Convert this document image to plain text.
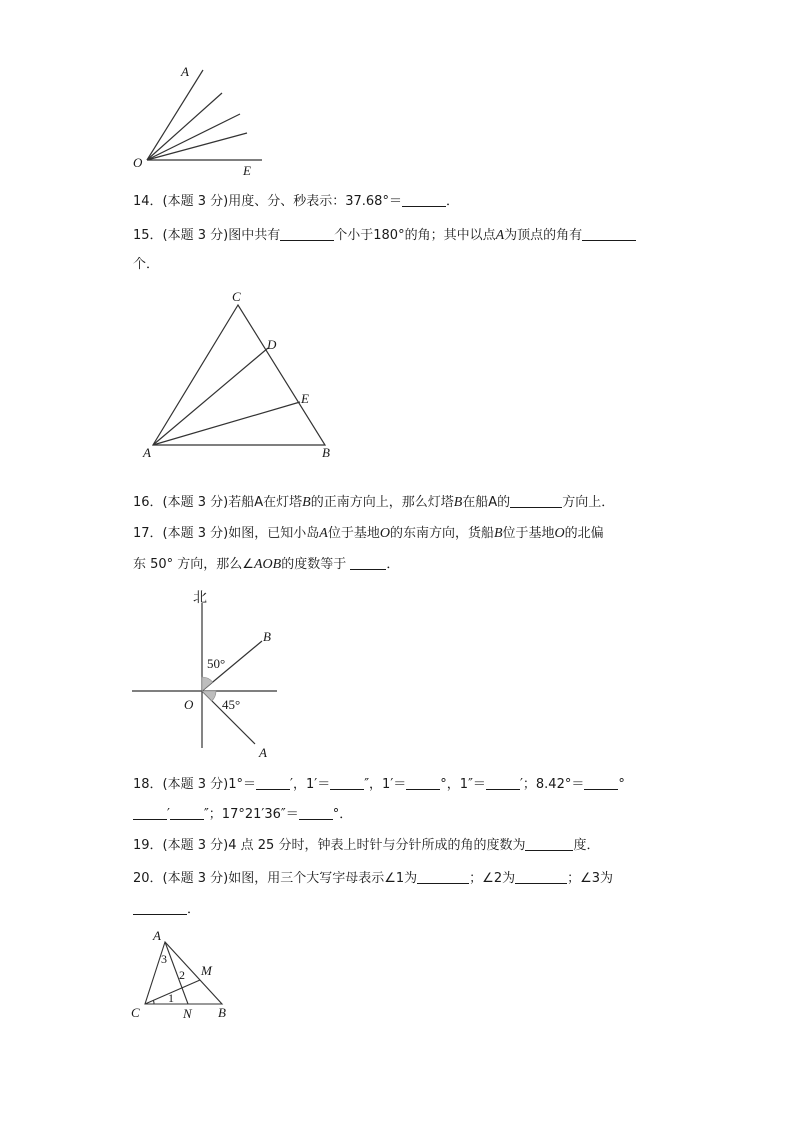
A
O
E
14．(本题 3 分)用度、分、秒表示：37.68°＝	．
15．(本题 3 分)图中共有	个小于180°的角；其中以点A为顶点的角有
个．
C
D
E
A	B
16．(本题 3 分)若船A在灯塔B的正南方向上，那么灯塔B在船A的	方向上．
17．(本题 3 分)如图，已知小岛A位于基地O的东南方向，货船B位于基地O的北偏
东 50° 方向，那么∠AOB的度数等于	．
北
B
O
A
50°
45°
18．(本题 3 分)1°＝	′，1′＝	″，1′＝	°，1″＝	′；8.42°＝	°
′	″；17°21′36″＝	°．
19．(本题 3 分)4 点 25 分时，钟表上时针与分针所成的角的度数为	度．
20．(本题 3 分)如图，用三个大写字母表示∠1为	；∠2为	；∠3为
．
A
M
C	N B
1
2
3
